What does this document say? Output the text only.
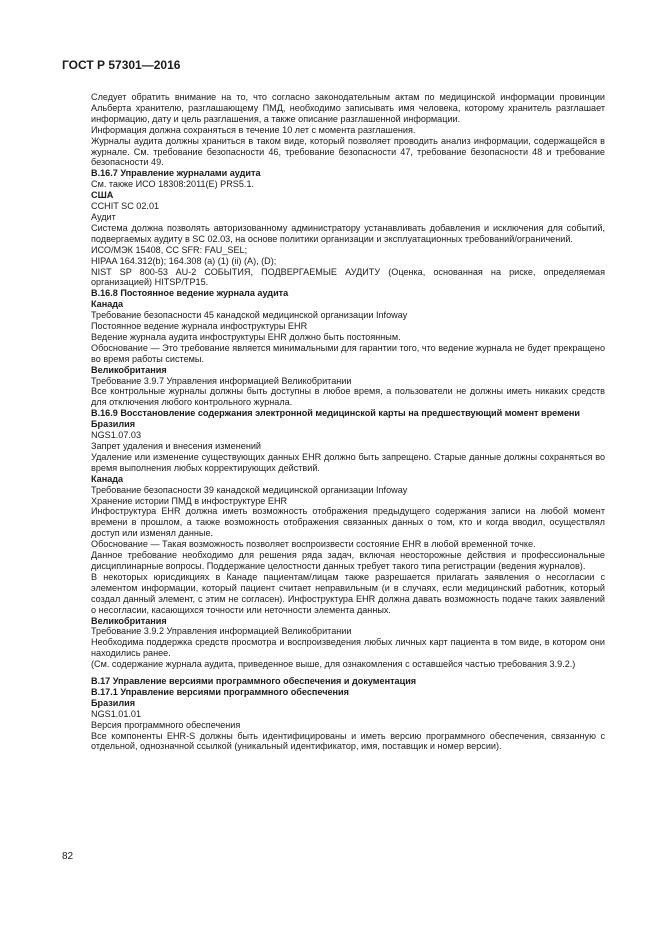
ГОСТ Р 57301—2016

Следует обратить внимание на то, что согласно законодательным актам по медицинской информации провинции Альберта хранителю, разглашающему ПМД, необходимо записывать имя человека, которому хранитель разглашает информацию, дату и цель разглашения, а также описание разглашенной информации.

Информация должна сохраняться в течение 10 лет с момента разглашения.

Журналы аудита должны храниться в таком виде, который позволяет проводить анализ информации, содержащейся в журнале. См. требование безопасности 46, требование безопасности 47, требование безопасности 48 и требование безопасности 49.

В.16.7 Управление журналами аудита

См. также ИСО 18308:2011(E) PRS5.1.

США

CCHIT SC 02.01

Аудит

Система должна позволять авторизованному администратору устанавливать добавления и исключения для событий, подвергаемых аудиту в SC 02.03, на основе политики организации и эксплуатационных требований/ограничений.

ИСО/МЭК 15408, CC SFR: FAU_SEL;

HIPAA 164.312(b); 164.308 (a) (1) (ii) (A), (D);

NIST SP 800-53 AU-2 СОБЫТИЯ, ПОДВЕРГАЕМЫЕ АУДИТУ (Оценка, основанная на риске, определяемая организацией) HITSP/TP15.

В.16.8 Постоянное ведение журнала аудита

Канада

Требование безопасности 45 канадской медицинской организации Infoway

Постоянное ведение журнала инфоструктуры EHR

Ведение журнала аудита инфоструктуры EHR должно быть постоянным.

Обоснование — Это требование является минимальными для гарантии того, что ведение журнала не будет прекращено во время работы системы.

Великобритания

Требование 3.9.7 Управления информацией Великобритании

Все контрольные журналы должны быть доступны в любое время, а пользователи не должны иметь никаких средств для отключения любого контрольного журнала.

В.16.9 Восстановление содержания электронной медицинской карты на предшествующий момент времени

Бразилия

NGS1.07.03

Запрет удаления и внесения изменений

Удаление или изменение существующих данных EHR должно быть запрещено. Старые данные должны сохраняться во время выполнения любых корректирующих действий.

Канада

Требование безопасности 39 канадской медицинской организации Infoway

Хранение истории ПМД в инфоструктуре EHR

Инфоструктура EHR должна иметь возможность отображения предыдущего содержания записи на любой момент времени в прошлом, а также возможность отображения связанных данных о том, кто и когда вводил, осуществлял доступ или изменял данные.

Обоснование — Такая возможность позволяет воспроизвести состояние EHR в любой временной точке.

Данное требование необходимо для решения ряда задач, включая неосторожные действия и профессиональные дисциплинарные вопросы. Поддержание целостности данных требует такого типа регистрации (ведения журналов).

В некоторых юрисдикциях в Канаде пациентам/лицам также разрешается прилагать заявления о несогласии с элементом информации, который пациент считает неправильным (и в случаях, если медицинский работник, который создал данный элемент, с этим не согласен). Инфоструктура EHR должна давать возможность подаче таких заявлений о несогласии, касающихся точности или неточности элемента данных.

Великобритания

Требование 3.9.2 Управления информацией Великобритании

Необходима поддержка средств просмотра и воспроизведения любых личных карт пациента в том виде, в котором они находились ранее.

(См. содержание журнала аудита, приведенное выше, для ознакомления с оставшейся частью требования 3.9.2.)

В.17 Управление версиями программного обеспечения и документация

В.17.1 Управление версиями программного обеспечения

Бразилия

NGS1.01.01

Версия программного обеспечения

Все компоненты EHR-S должны быть идентифицированы и иметь версию программного обеспечения, связанную с отдельной, однозначной ссылкой (уникальный идентификатор, имя, поставщик и номер версии).

82
